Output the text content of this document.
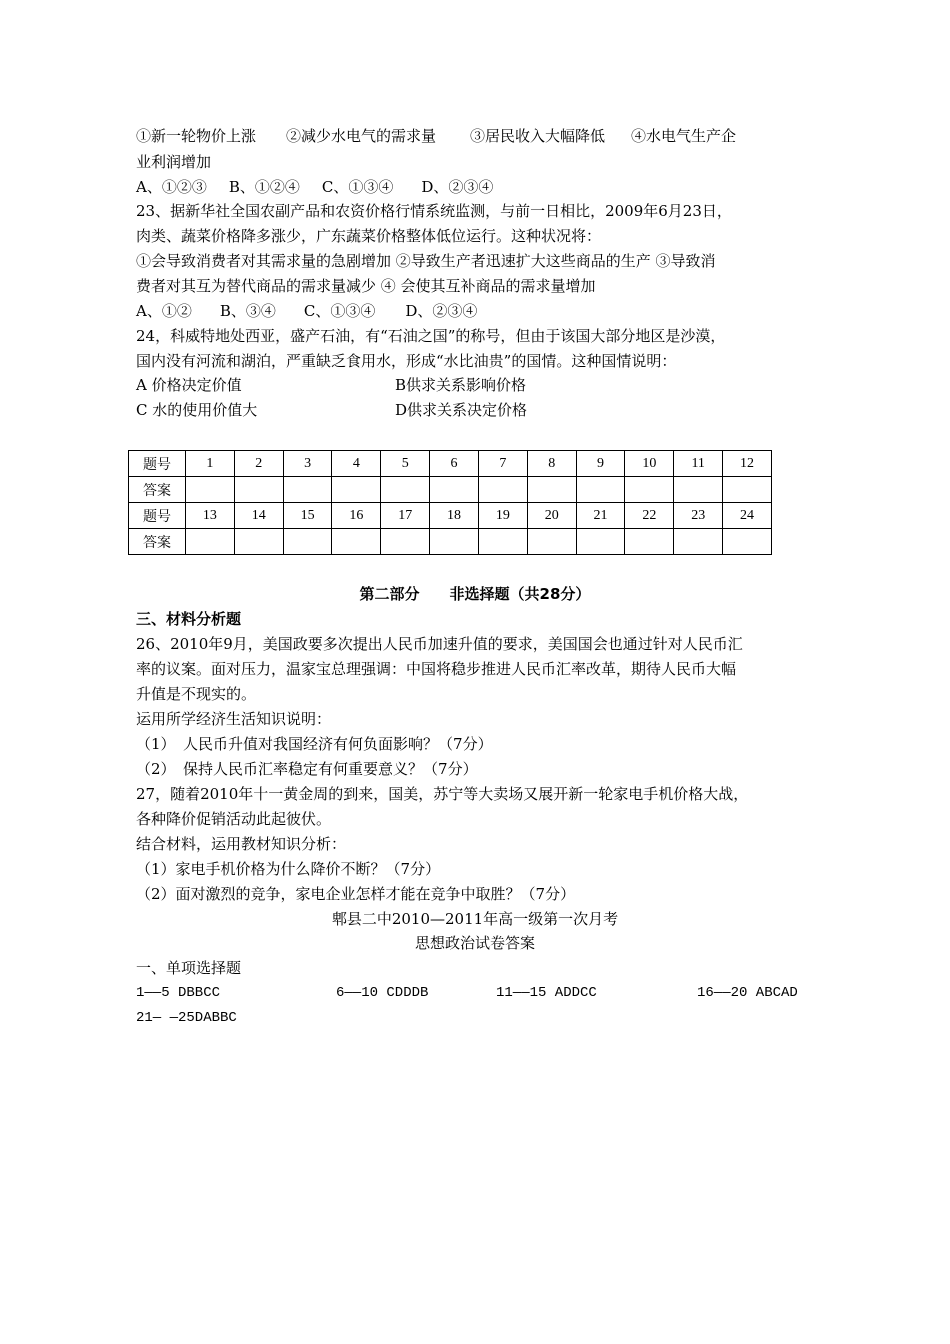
①新一轮物价上涨 ②减少水电气的需求量 ③居民收入大幅降低 ④水电气生产企
业利润增加
A、①②③ B、①②④ C、①③④ D、②③④
23、据新华社全国农副产品和农资价格行情系统监测，与前一日相比，2009年6月23日，
肉类、蔬菜价格降多涨少，广东蔬菜价格整体低位运行。这种状况将：
①会导致消费者对其需求量的急剧增加 ②导致生产者迅速扩大这些商品的生产 ③导致消
费者对其互为替代商品的需求量减少 ④ 会使其互补商品的需求量增加
A、①② B、③④ C、①③④ D、②③④
24，科威特地处西亚，盛产石油，有“石油之国”的称号，但由于该国大部分地区是沙漠，
国内没有河流和湖泊，严重缺乏食用水，形成“水比油贵”的国情。这种国情说明：
A 价格决定价值	B供求关系影响价格
C 水的使用价值大	D供求关系决定价格
题号	1	2	3	4	5	6	7	8	9	10	11	12
答案												
题号	13	14	15	16	17	18	19	20	21	22	23	24
答案												
第二部分　　非选择题（共28分）
三、材料分析题
26、2010年9月，美国政要多次提出人民币加速升值的要求，美国国会也通过针对人民币汇
率的议案。面对压力，温家宝总理强调：中国将稳步推进人民币汇率改革，期待人民币大幅
升值是不现实的。
运用所学经济生活知识说明：
（1）　人民币升值对我国经济有何负面影响？（7分）
（2）　保持人民币汇率稳定有何重要意义？（7分）
27，随着2010年十一黄金周的到来，国美，苏宁等大卖场又展开新一轮家电手机价格大战，
各种降价促销活动此起彼伏。
结合材料，运用教材知识分析：
（1）家电手机价格为什么降价不断？（7分）
（2）面对激烈的竞争，家电企业怎样才能在竞争中取胜？（7分）
郫县二中2010—2011年高一级第一次月考
思想政治试卷答案
一、单项选择题
1——5 DBBCC	6——10 CDDDB	11——15 ADDCC	16——20 ABCAD
21— —25DABBC
